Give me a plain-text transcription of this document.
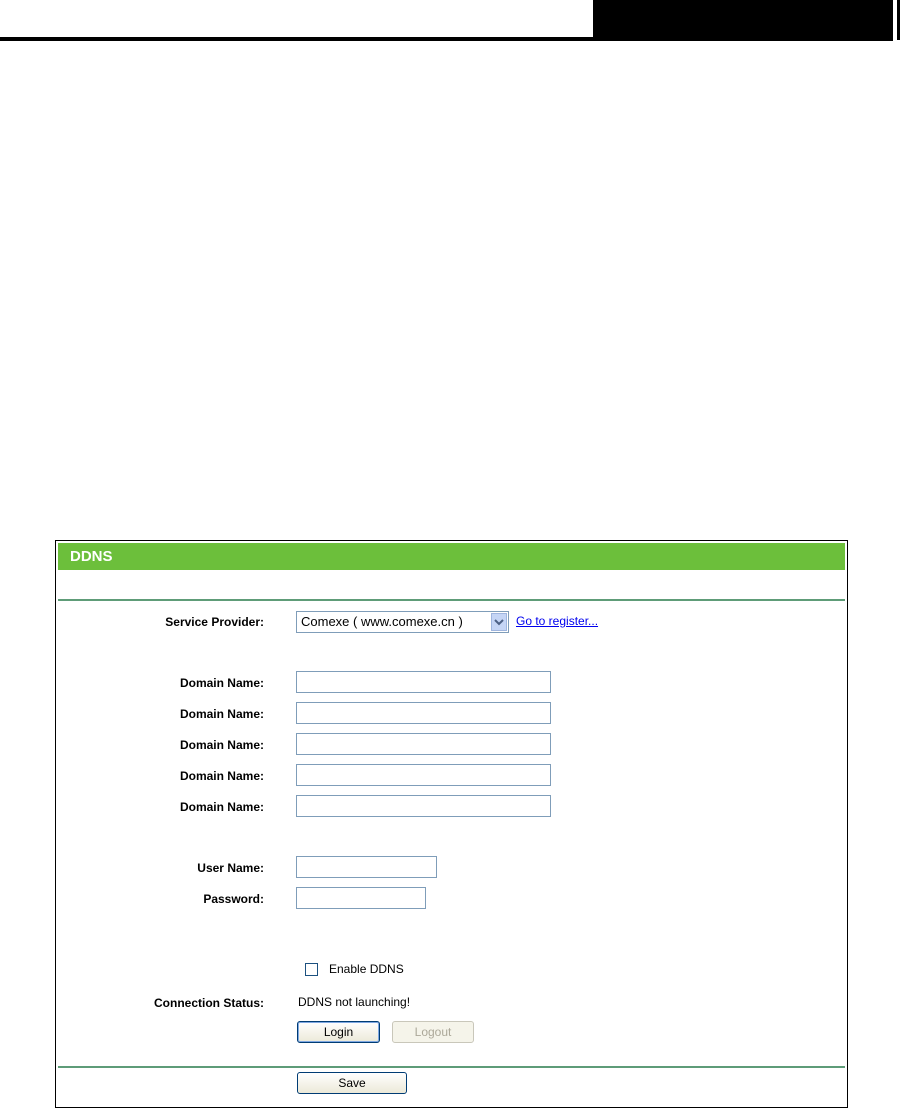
DDNS
Service Provider:	Comexe ( www.comexe.cn )	Go to register...
Domain Name:
Domain Name:
Domain Name:
Domain Name:
Domain Name:
User Name:
Password:
Enable DDNS
Connection Status:	DDNS not launching!
Login	Logout
Save
